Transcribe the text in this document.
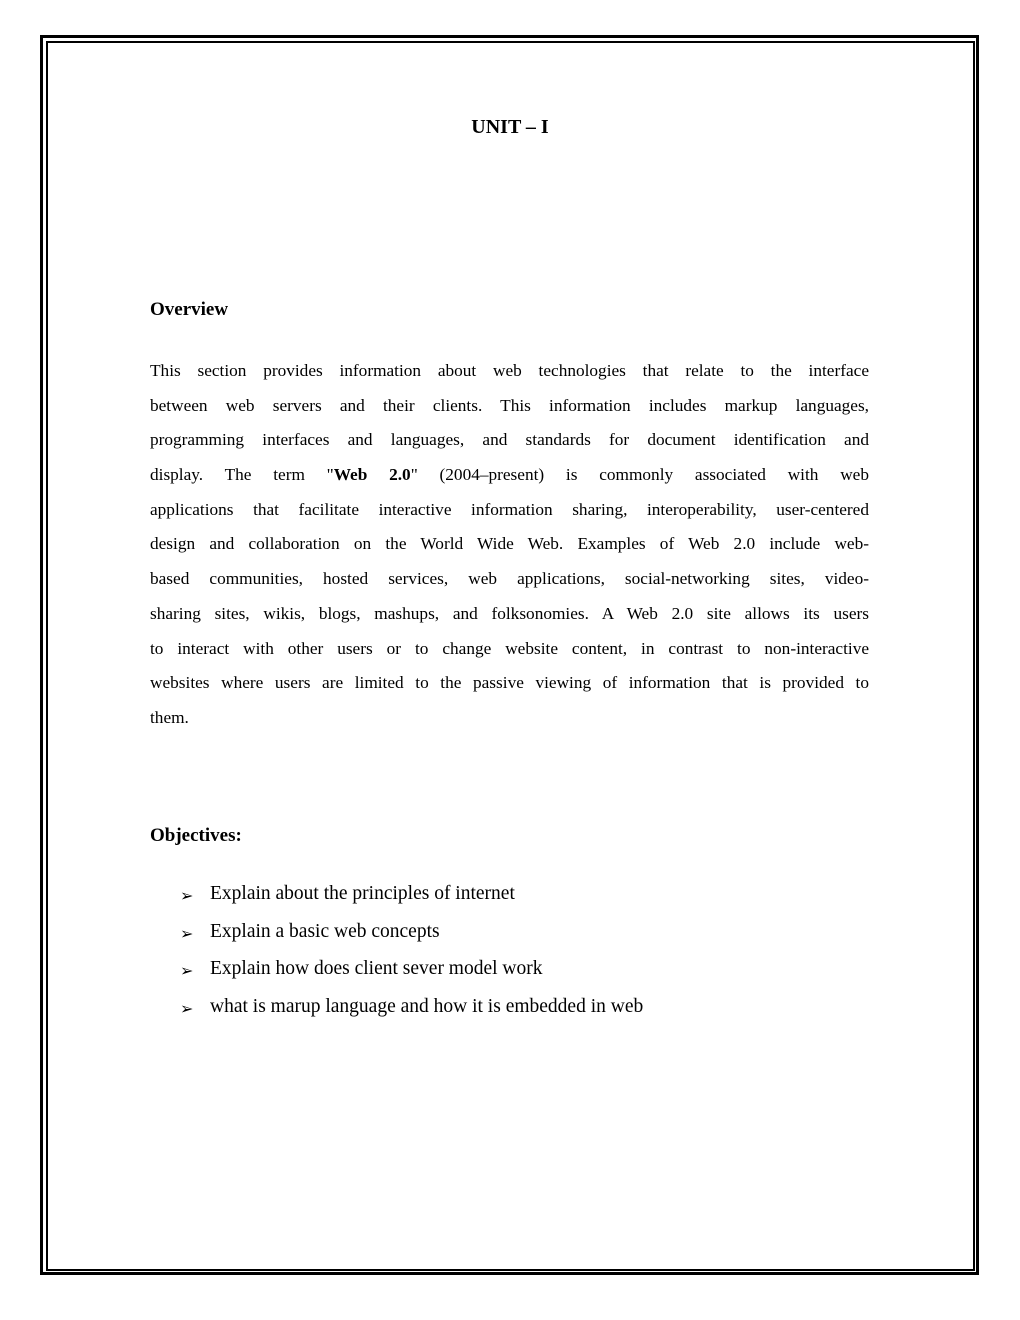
UNIT – I
Overview
This section provides information about web technologies that relate to the interface
between web servers and their clients. This information includes markup languages,
programming interfaces and languages, and standards for document identification and
display. The term "Web 2.0" (2004–present) is commonly associated with web
applications that facilitate interactive information sharing, interoperability, user-centered
design and collaboration on the World Wide Web. Examples of Web 2.0 include web-
based communities, hosted services, web applications, social-networking sites, video-
sharing sites, wikis, blogs, mashups, and folksonomies. A Web 2.0 site allows its users
to interact with other users or to change website content, in contrast to non-interactive
websites where users are limited to the passive viewing of information that is provided to
them.
Objectives:
➢ Explain about the principles of internet
➢ Explain a basic web concepts
➢ Explain how does client sever model work
➢ what is marup language and how it is embedded in web
